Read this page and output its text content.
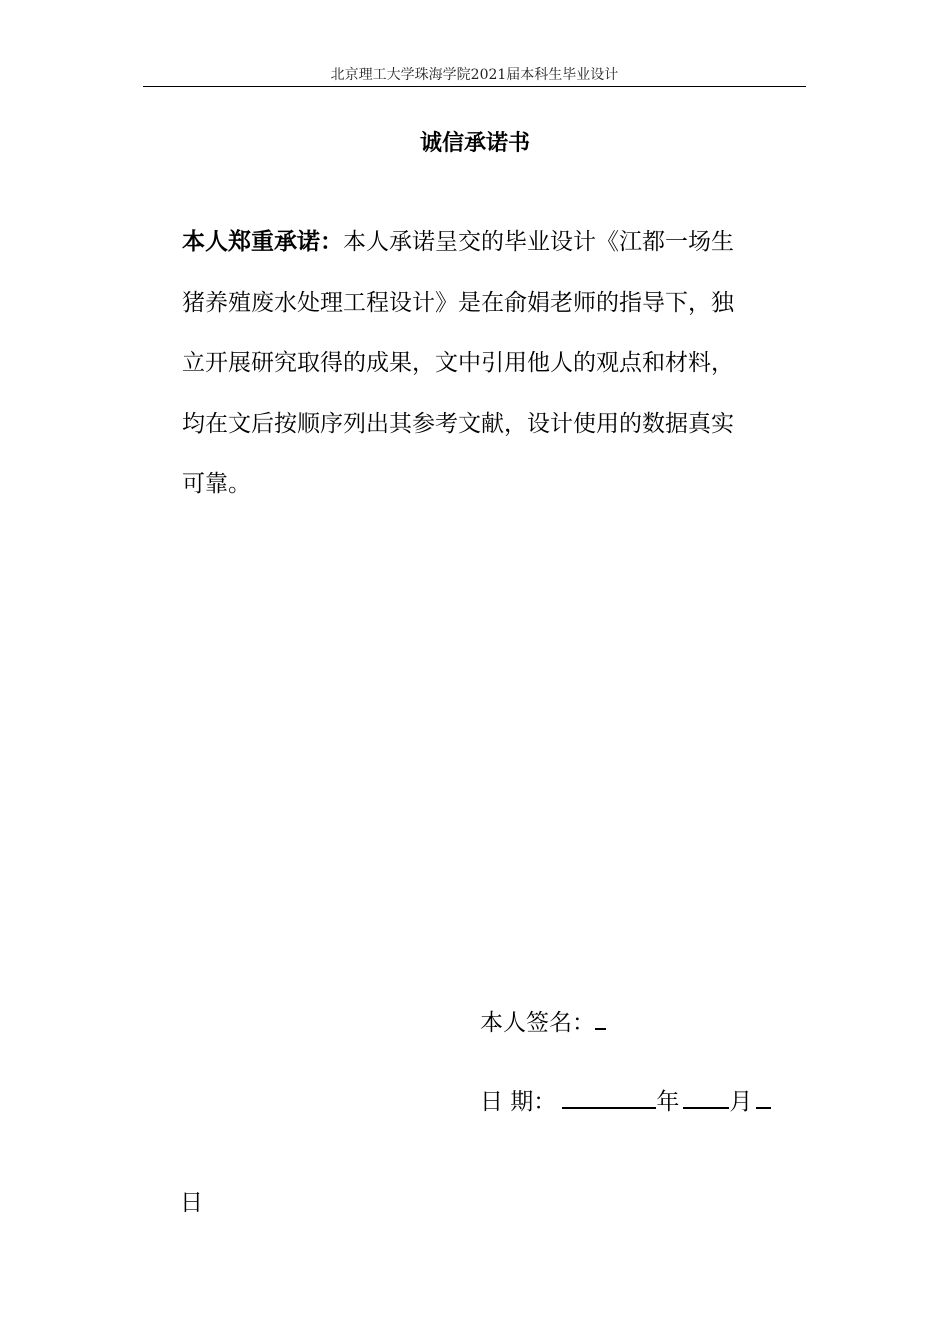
北京理工大学珠海学院2021届本科生毕业设计
诚信承诺书
本人郑重承诺：本人承诺呈交的毕业设计《江都一场生
猪养殖废水处理工程设计》是在俞娟老师的指导下，独
立开展研究取得的成果，文中引用他人的观点和材料，
均在文后按顺序列出其参考文献，设计使用的数据真实
可靠。
本人签名：
日 期：	年 月
日
